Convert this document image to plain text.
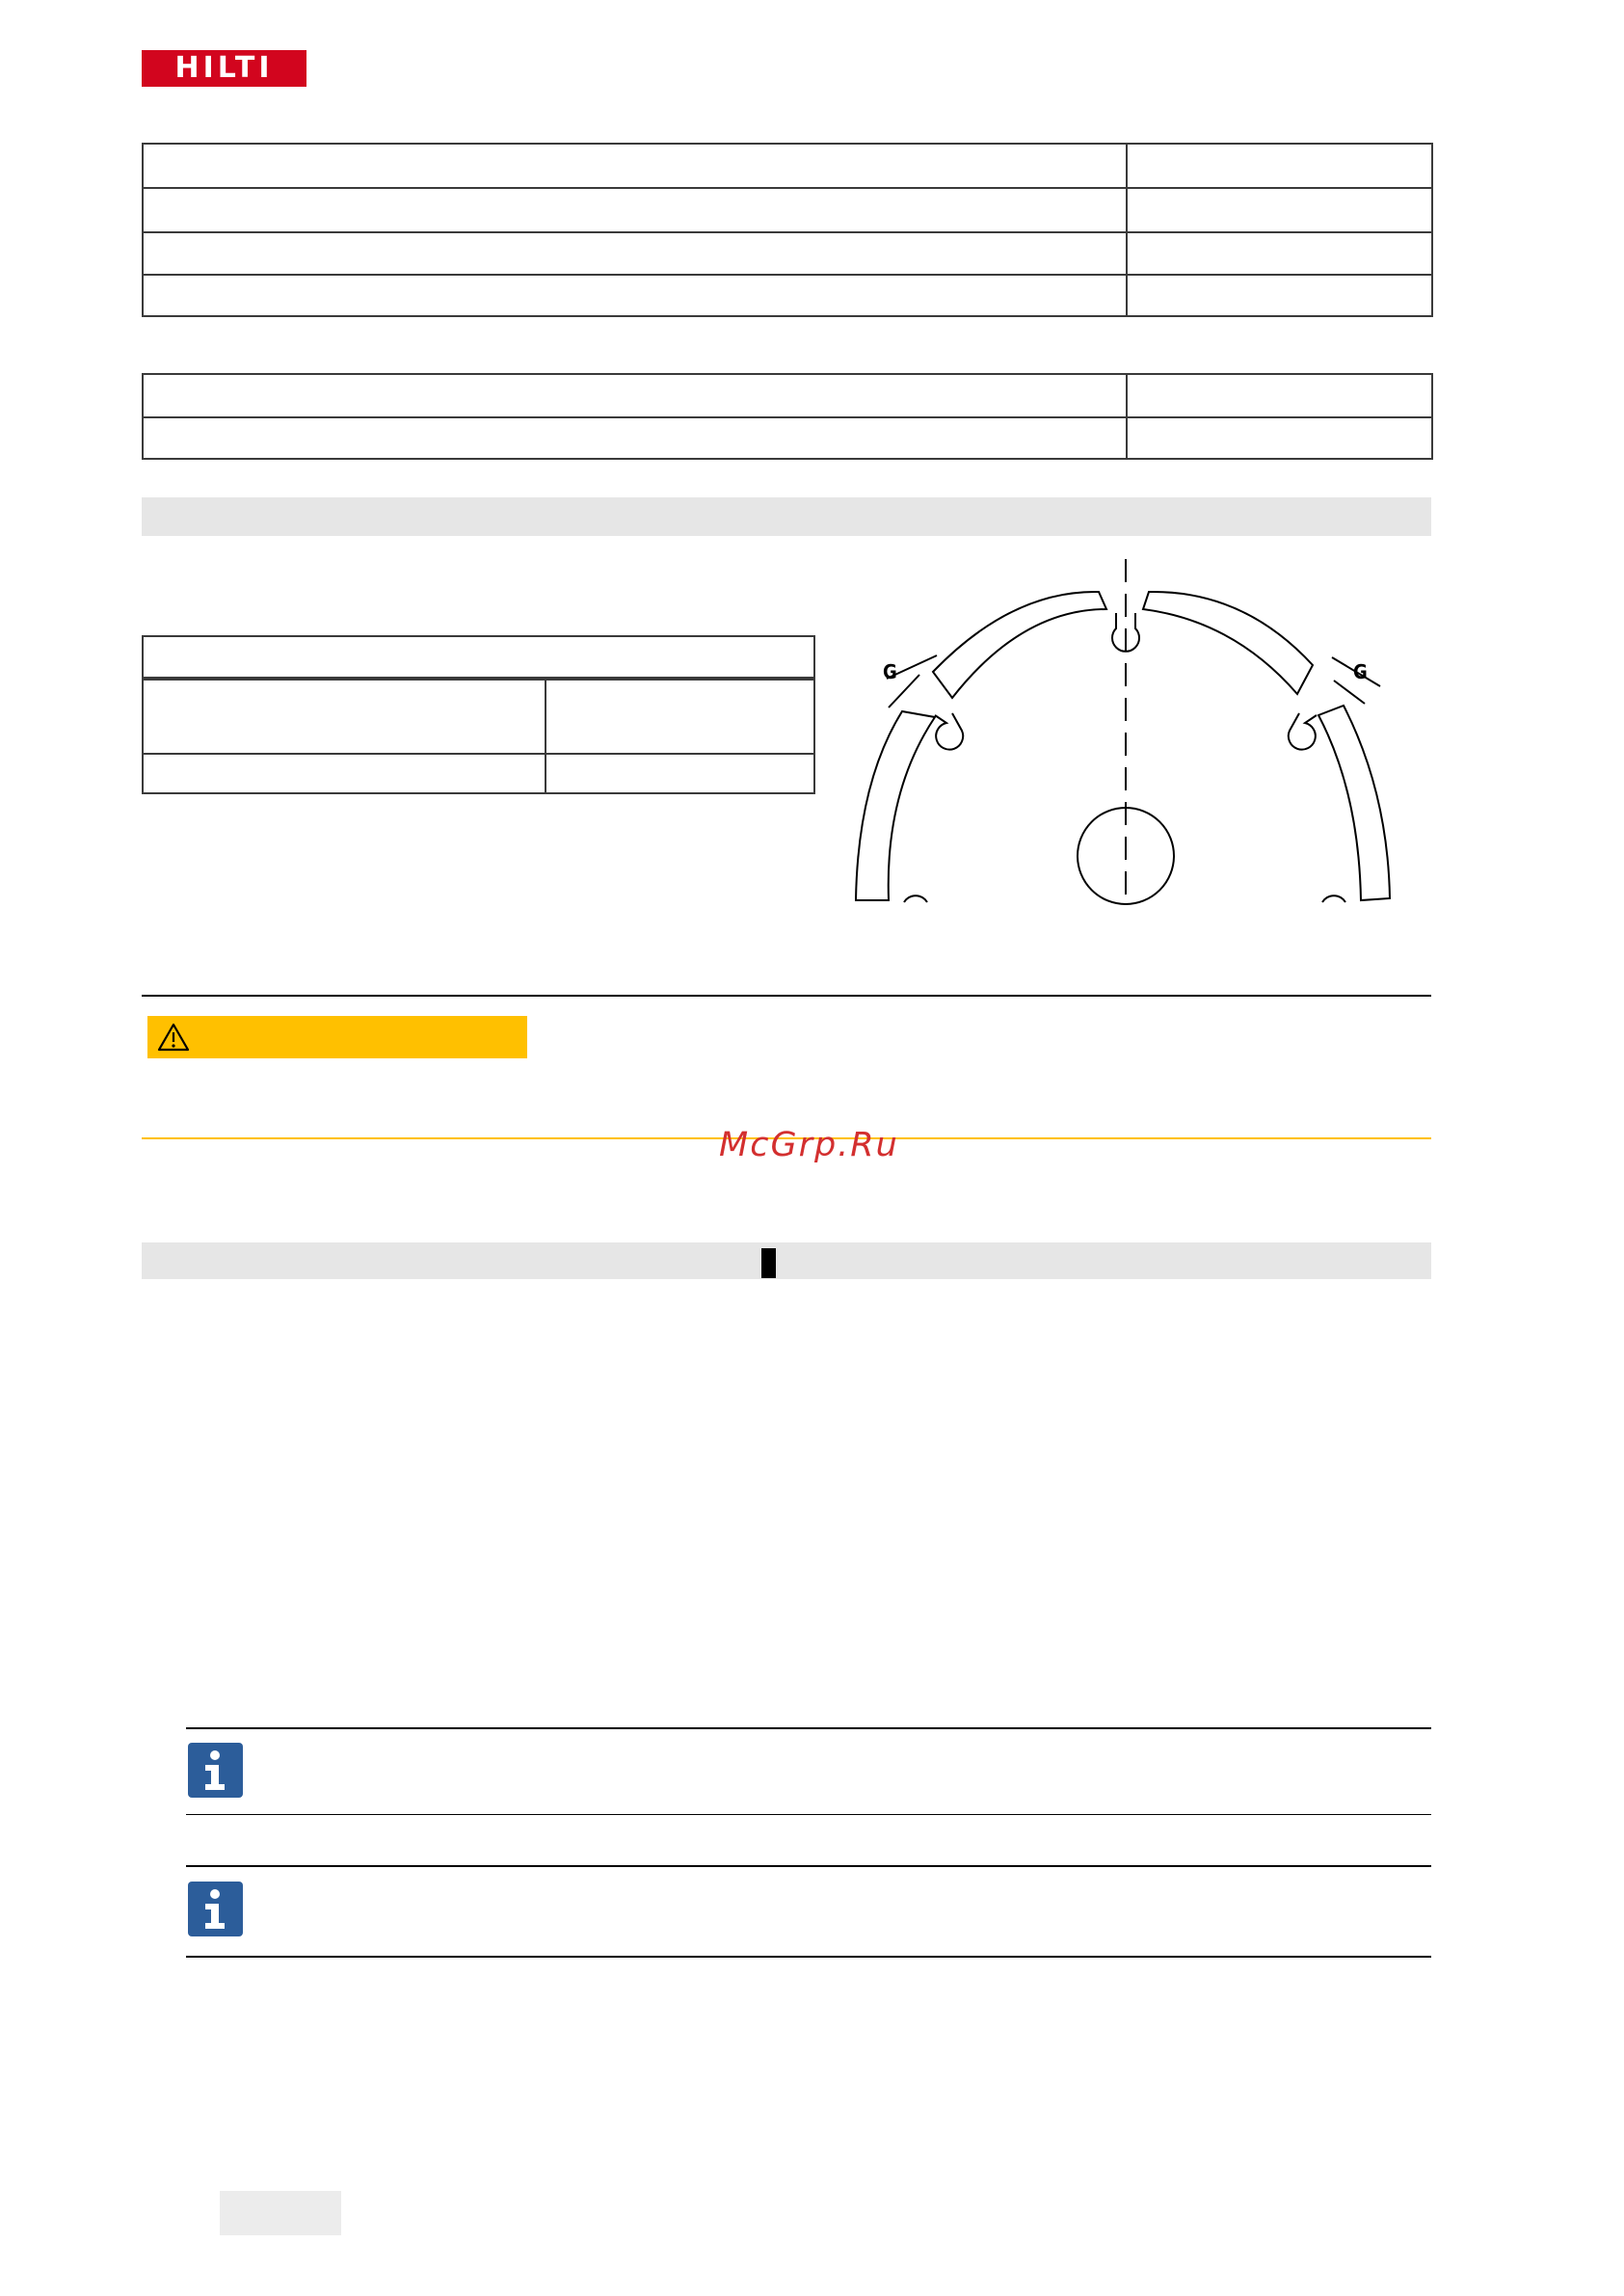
HILTI

G	G
McGrp.Ru
